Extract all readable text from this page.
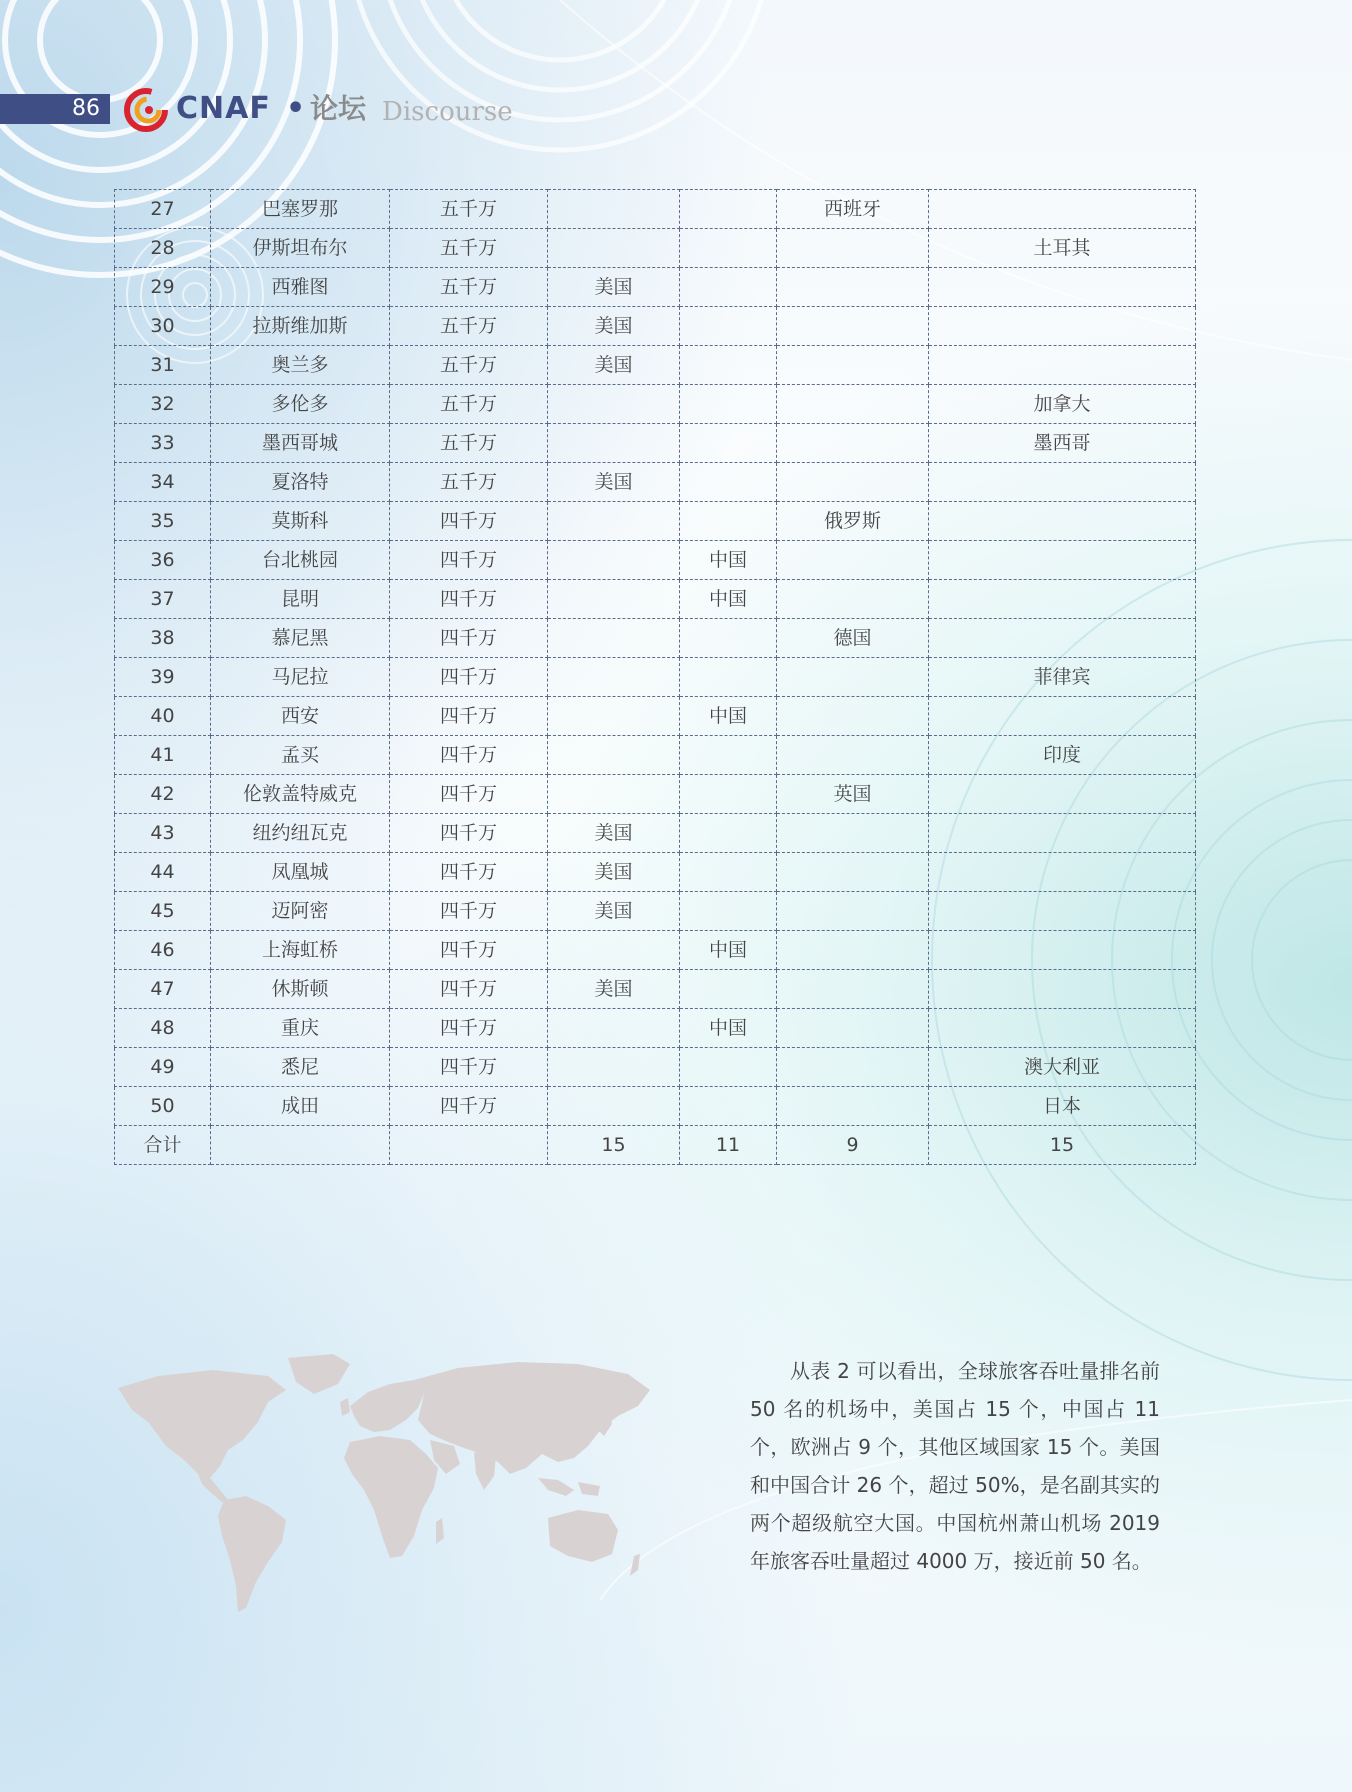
86	CNAF • 论坛 Discourse
27	巴塞罗那	五千万			西班牙	
28	伊斯坦布尔	五千万				土耳其
29	西雅图	五千万	美国			
30	拉斯维加斯	五千万	美国			
31	奥兰多	五千万	美国			
32	多伦多	五千万				加拿大
33	墨西哥城	五千万				墨西哥
34	夏洛特	五千万	美国			
35	莫斯科	四千万			俄罗斯	
36	台北桃园	四千万		中国		
37	昆明	四千万		中国		
38	慕尼黑	四千万			德国	
39	马尼拉	四千万				菲律宾
40	西安	四千万		中国		
41	孟买	四千万				印度
42	伦敦盖特威克	四千万			英国	
43	纽约纽瓦克	四千万	美国			
44	凤凰城	四千万	美国			
45	迈阿密	四千万	美国			
46	上海虹桥	四千万		中国		
47	休斯顿	四千万	美国			
48	重庆	四千万		中国		
49	悉尼	四千万				澳大利亚
50	成田	四千万				日本
合计			15	11	9	15

从表 2 可以看出，全球旅客吞吐量排名前 50 名的机场中，美国占 15 个，中国占 11 个，欧洲占 9 个，其他区域国家 15 个。美国和中国合计 26 个，超过 50%，是名副其实的两个超级航空大国。中国杭州萧山机场 2019 年旅客吞吐量超过 4000 万，接近前 50 名。
